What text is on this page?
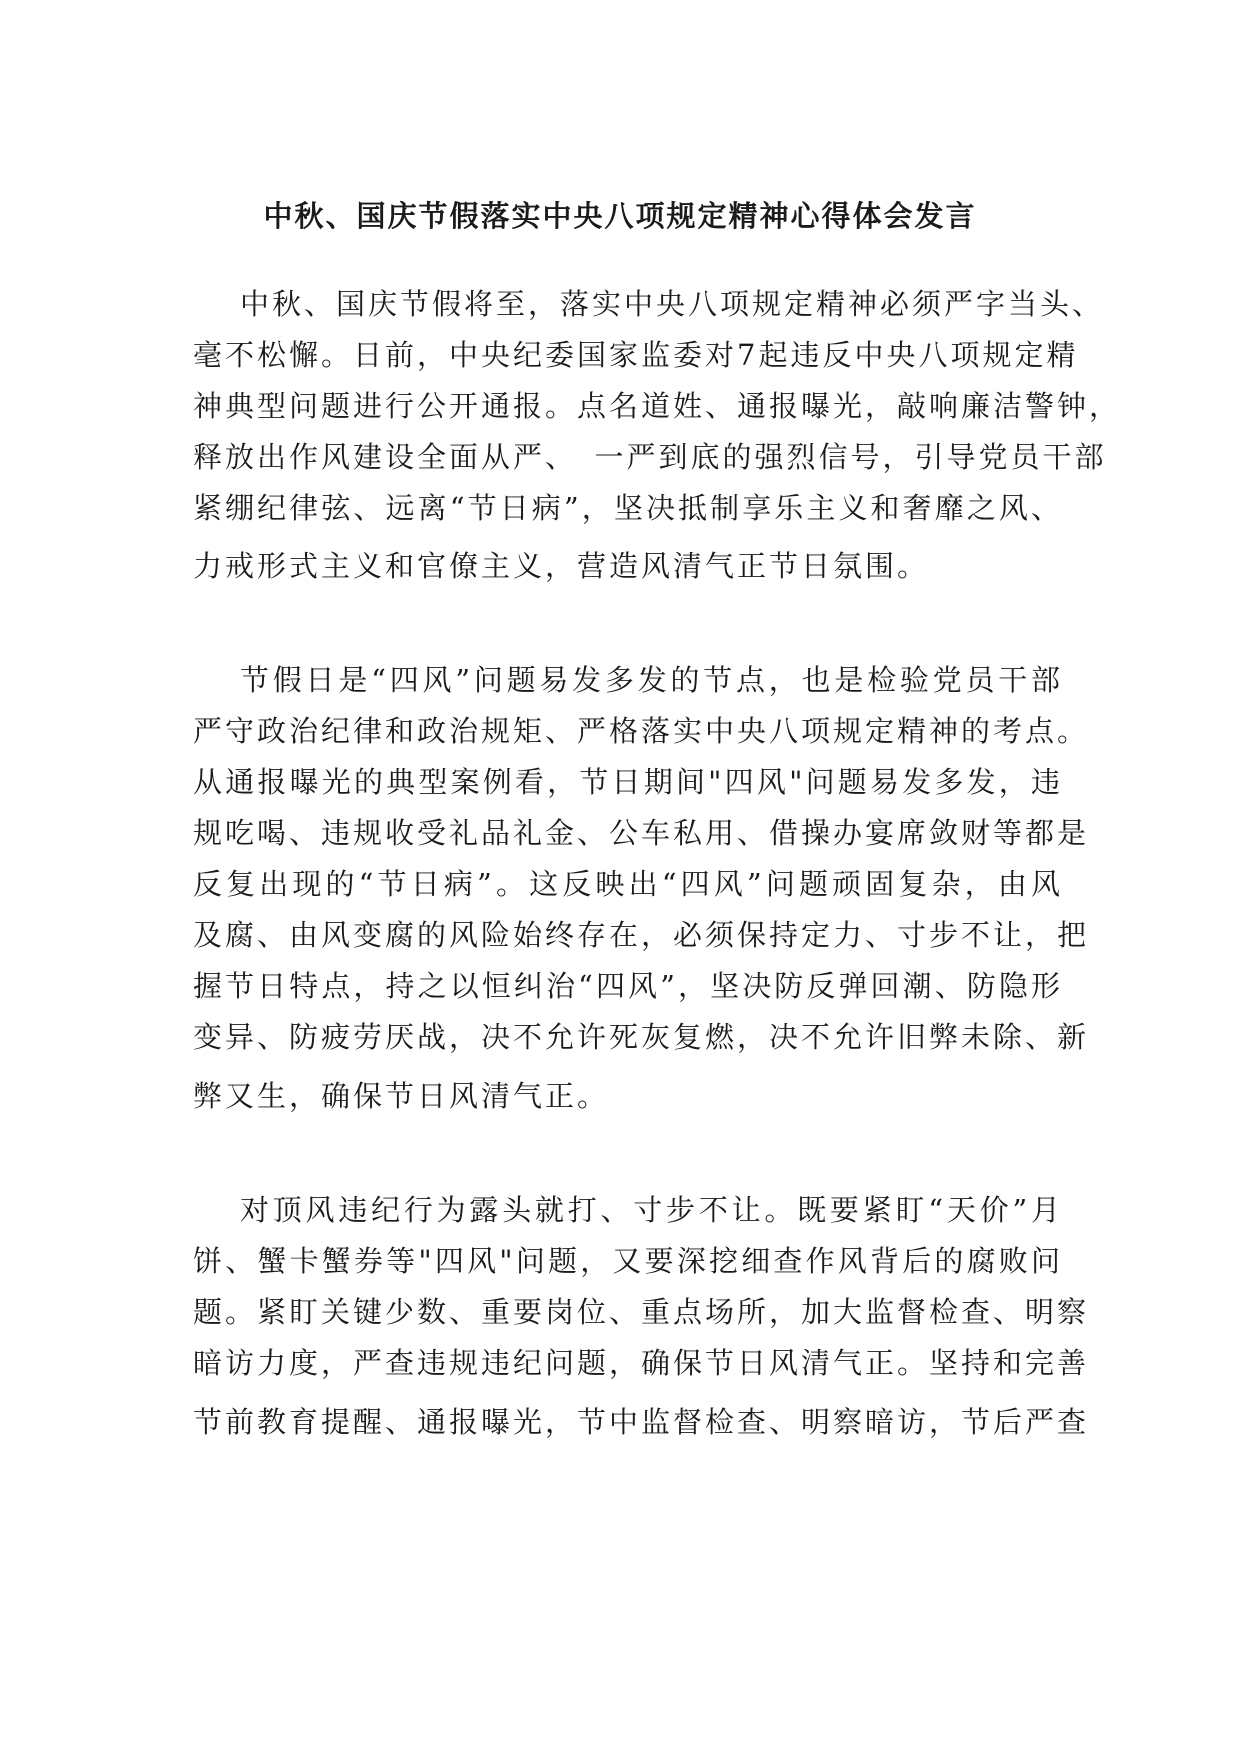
中秋、国庆节假落实中央八项规定精神心得体会发言
中秋、国庆节假将至，落实中央八项规定精神必须严字当头、
毫不松懈。日前，中央纪委国家监委对7起违反中央八项规定精
神典型问题进行公开通报。点名道姓、通报曝光，敲响廉洁警钟，
释放出作风建设全面从严、　一严到底的强烈信号，引导党员干部
紧绷纪律弦、远离“节日病”，坚决抵制享乐主义和奢靡之风、
力戒形式主义和官僚主义，营造风清气正节日氛围。
节假日是“四风”问题易发多发的节点，也是检验党员干部
严守政治纪律和政治规矩、严格落实中央八项规定精神的考点。
从通报曝光的典型案例看，节日期间"四风"问题易发多发，违
规吃喝、违规收受礼品礼金、公车私用、借操办宴席敛财等都是
反复出现的“节日病”。这反映出“四风”问题顽固复杂，由风
及腐、由风变腐的风险始终存在，必须保持定力、寸步不让，把
握节日特点，持之以恒纠治“四风”，坚决防反弹回潮、防隐形
变异、防疲劳厌战，决不允许死灰复燃，决不允许旧弊未除、新
弊又生，确保节日风清气正。
对顶风违纪行为露头就打、寸步不让。既要紧盯“天价”月
饼、蟹卡蟹券等"四风"问题，又要深挖细查作风背后的腐败问
题。紧盯关键少数、重要岗位、重点场所，加大监督检查、明察
暗访力度，严查违规违纪问题，确保节日风清气正。坚持和完善
节前教育提醒、通报曝光，节中监督检查、明察暗访，节后严查
